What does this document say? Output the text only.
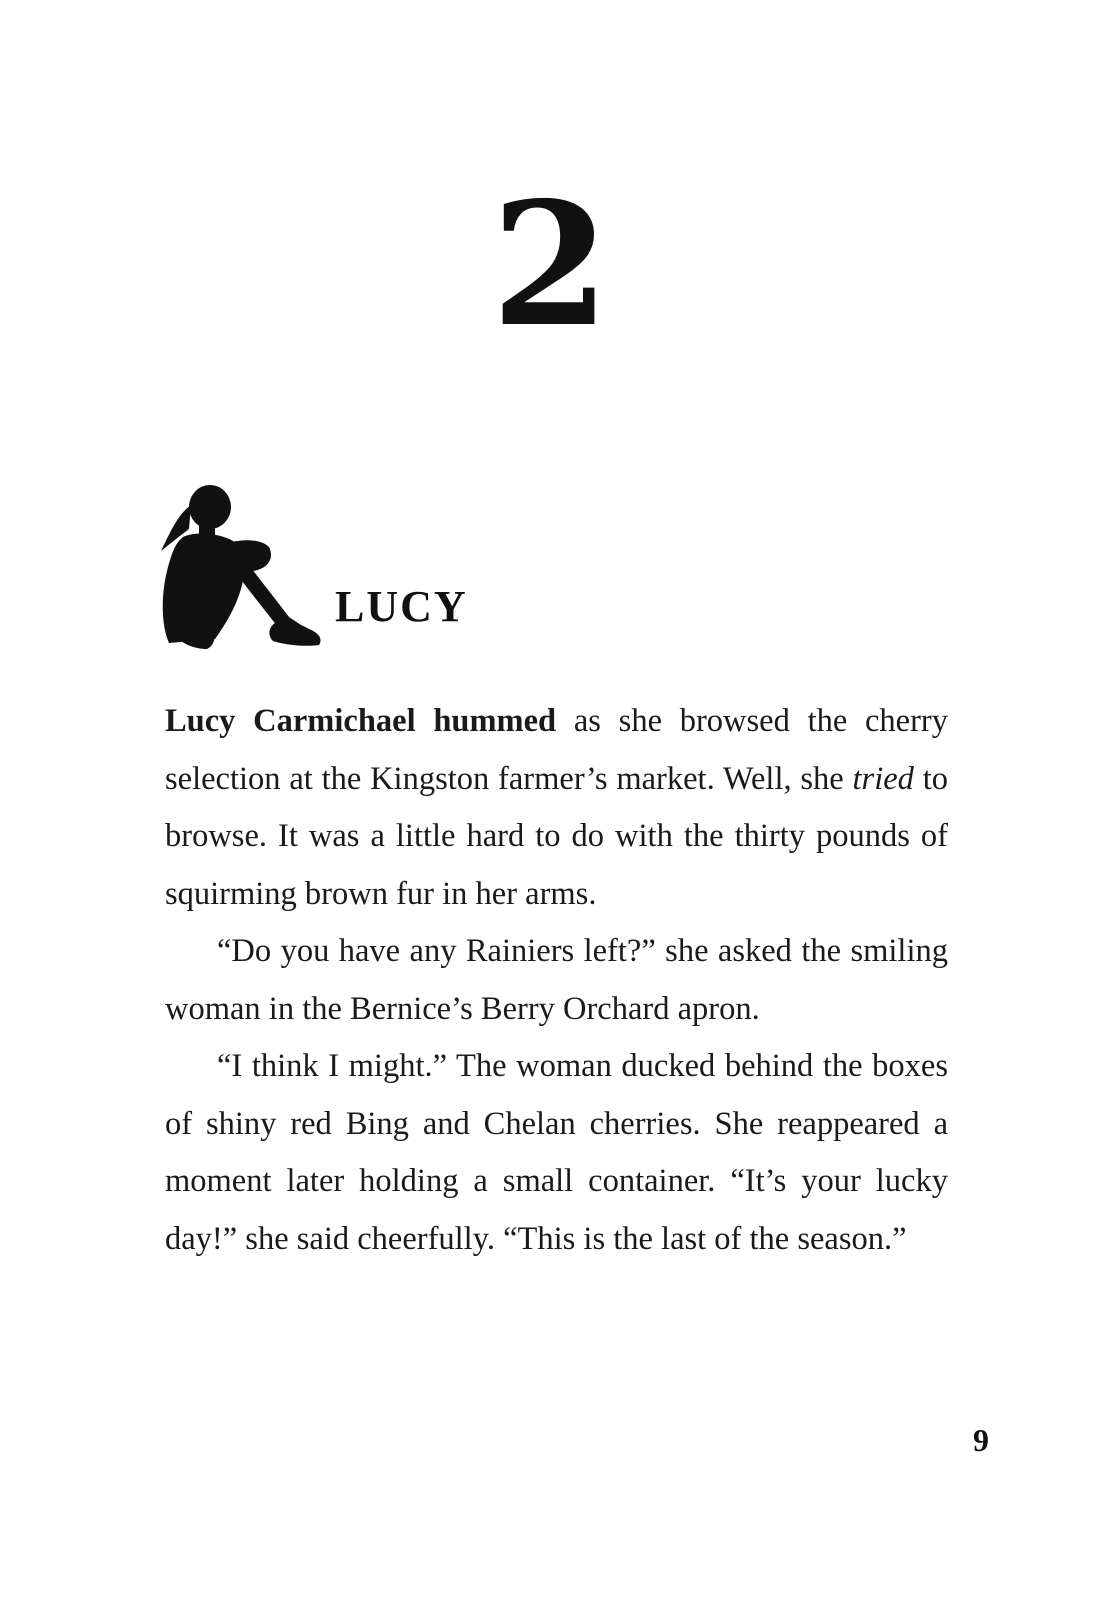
2
LUCY

Lucy Carmichael hummed as she browsed the cherry selection at the Kingston farmer’s market. Well, she tried to browse. It was a little hard to do with the thirty pounds of squirming brown fur in her arms.

“Do you have any Rainiers left?” she asked the smiling woman in the Bernice’s Berry Orchard apron.

“I think I might.” The woman ducked behind the boxes of shiny red Bing and Chelan cherries. She reappeared a moment later holding a small container. “It’s your lucky day!” she said cheerfully. “This is the last of the season.”

9
